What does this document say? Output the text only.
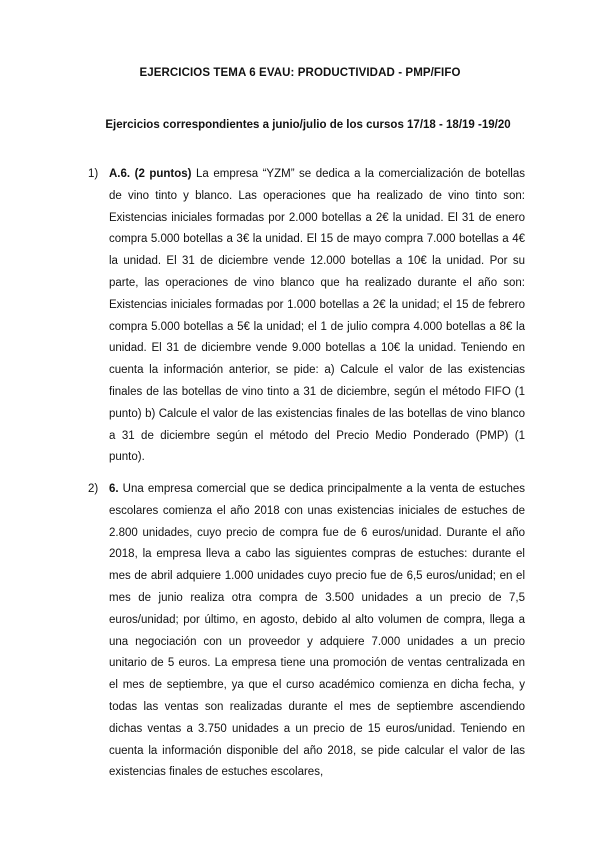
EJERCICIOS TEMA 6 EVAU: PRODUCTIVIDAD - PMP/FIFO
Ejercicios correspondientes a junio/julio de los cursos 17/18 - 18/19 -19/20
1) A.6. (2 puntos) La empresa “YZM” se dedica a la comercialización de botellas de vino tinto y blanco. Las operaciones que ha realizado de vino tinto son: Existencias iniciales formadas por 2.000 botellas a 2€ la unidad. El 31 de enero compra 5.000 botellas a 3€ la unidad. El 15 de mayo compra 7.000 botellas a 4€ la unidad. El 31 de diciembre vende 12.000 botellas a 10€ la unidad. Por su parte, las operaciones de vino blanco que ha realizado durante el año son: Existencias iniciales formadas por 1.000 botellas a 2€ la unidad; el 15 de febrero compra 5.000 botellas a 5€ la unidad; el 1 de julio compra 4.000 botellas a 8€ la unidad. El 31 de diciembre vende 9.000 botellas a 10€ la unidad. Teniendo en cuenta la información anterior, se pide: a) Calcule el valor de las existencias finales de las botellas de vino tinto a 31 de diciembre, según el método FIFO (1 punto) b) Calcule el valor de las existencias finales de las botellas de vino blanco a 31 de diciembre según el método del Precio Medio Ponderado (PMP) (1 punto).

2) 6. Una empresa comercial que se dedica principalmente a la venta de estuches escolares comienza el año 2018 con unas existencias iniciales de estuches de 2.800 unidades, cuyo precio de compra fue de 6 euros/unidad. Durante el año 2018, la empresa lleva a cabo las siguientes compras de estuches: durante el mes de abril adquiere 1.000 unidades cuyo precio fue de 6,5 euros/unidad; en el mes de junio realiza otra compra de 3.500 unidades a un precio de 7,5 euros/unidad; por último, en agosto, debido al alto volumen de compra, llega a una negociación con un proveedor y adquiere 7.000 unidades a un precio unitario de 5 euros. La empresa tiene una promoción de ventas centralizada en el mes de septiembre, ya que el curso académico comienza en dicha fecha, y todas las ventas son realizadas durante el mes de septiembre ascendiendo dichas ventas a 3.750 unidades a un precio de 15 euros/unidad. Teniendo en cuenta la información disponible del año 2018, se pide calcular el valor de las existencias finales de estuches escolares,
